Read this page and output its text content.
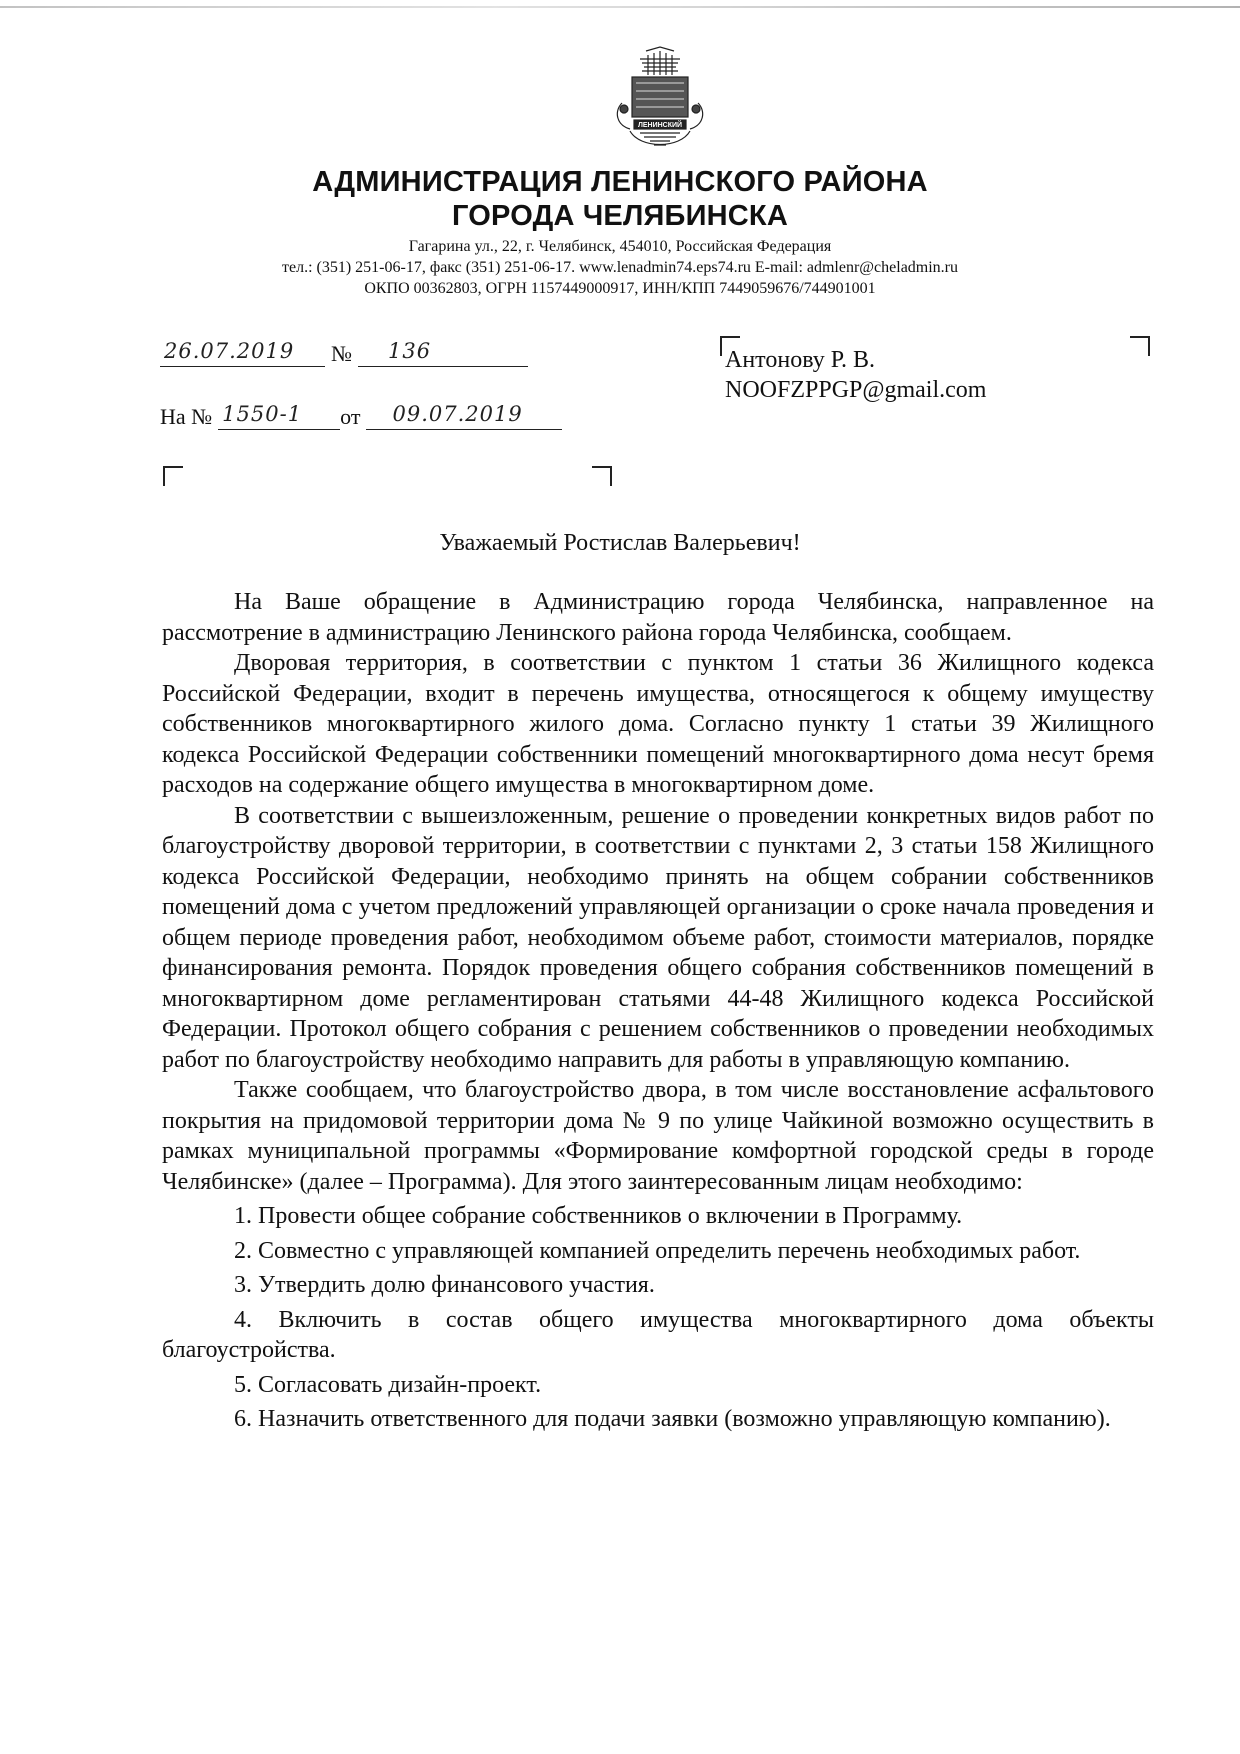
ЛЕНИНСКИЙ
АДМИНИСТРАЦИЯ ЛЕНИНСКОГО РАЙОНА
ГОРОДА ЧЕЛЯБИНСКА
Гагарина ул., 22, г. Челябинск, 454010, Российская Федерация
тел.: (351) 251-06-17, факс (351) 251-06-17. www.lenadmin74.eps74.ru E-mail: admlenr@cheladmin.ru
ОКПО 00362803, ОГРН 1157449000917, ИНН/КПП 7449059676/744901001
26.07.2019 № 136
На № 1550-1 от 09.07.2019
Антонову Р. В.
NOOFZPPGP@gmail.com
Уважаемый Ростислав Валерьевич!

На Ваше обращение в Администрацию города Челябинска, направленное на рассмотрение в администрацию Ленинского района города Челябинска, сообщаем.

Дворовая территория, в соответствии с пунктом 1 статьи 36 Жилищного кодекса Российской Федерации, входит в перечень имущества, относящегося к общему имуществу собственников многоквартирного жилого дома. Согласно пункту 1 статьи 39 Жилищного кодекса Российской Федерации собственники помещений многоквартирного дома несут бремя расходов на содержание общего имущества в многоквартирном доме.

В соответствии с вышеизложенным, решение о проведении конкретных видов работ по благоустройству дворовой территории, в соответствии с пунктами 2, 3 статьи 158 Жилищного кодекса Российской Федерации, необходимо принять на общем собрании собственников помещений дома с учетом предложений управляющей организации о сроке начала проведения и общем периоде проведения работ, необходимом объеме работ, стоимости материалов, порядке финансирования ремонта. Порядок проведения общего собрания собственников помещений в многоквартирном доме регламентирован статьями 44-48 Жилищного кодекса Российской Федерации. Протокол общего собрания с решением собственников о проведении необходимых работ по благоустройству необходимо направить для работы в управляющую компанию.

Также сообщаем, что благоустройство двора, в том числе восстановление асфальтового покрытия на придомовой территории дома № 9 по улице Чайкиной возможно осуществить в рамках муниципальной программы «Формирование комфортной городской среды в городе Челябинске» (далее – Программа). Для этого заинтересованным лицам необходимо:

1. Провести общее собрание собственников о включении в Программу.

2. Совместно с управляющей компанией определить перечень необходимых работ.

3. Утвердить долю финансового участия.

4. Включить в состав общего имущества многоквартирного дома объекты благоустройства.

5. Согласовать дизайн-проект.

6. Назначить ответственного для подачи заявки (возможно управляющую компанию).
